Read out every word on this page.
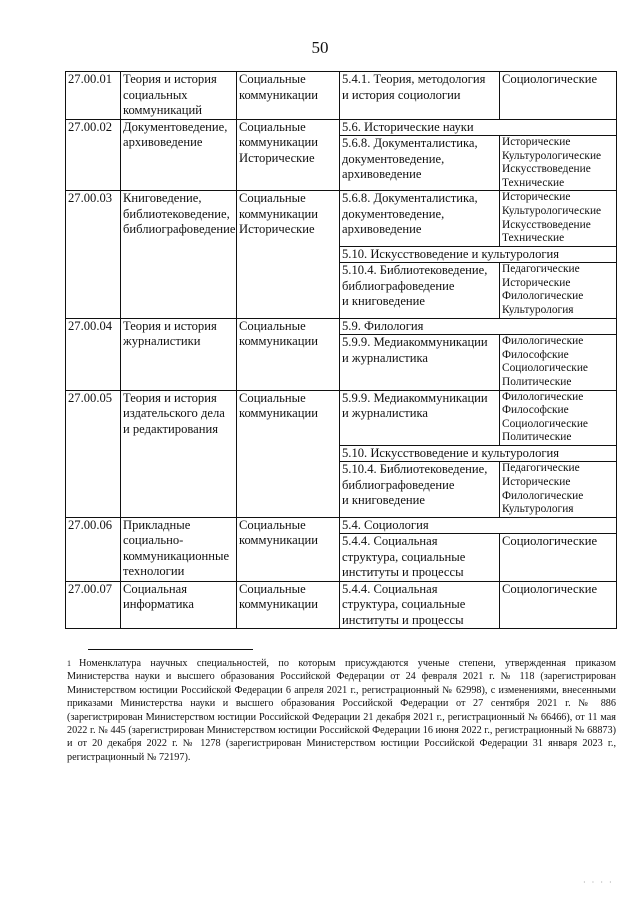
50
27.00.01	Теория и история
социальных
коммуникаций	Социальные
коммуникации	5.4.1. Теория, методология
и история социологии	Социологические

27.00.02	Документоведение,
архивоведение	Социальные
коммуникации
Исторические	5.6. Исторические науки	

			5.6.8. Документалистика,
документоведение,
архивоведение	Исторические
Культурологические
Искусствоведение
Технические

27.00.03	Книговедение,
библиотековедение,
библиографоведение	Социальные
коммуникации
Исторические	5.6.8. Документалистика,
документоведение,
архивоведение	Исторические
Культурологические
Искусствоведение
Технические

			5.10. Искусствоведение и культурология	

			5.10.4. Библиотековедение,
библиографоведение
и книговедение	Педагогические
Исторические
Филологические
Культурология

27.00.04	Теория и история
журналистики	Социальные
коммуникации	5.9. Филология	

			5.9.9. Медиакоммуникации
и журналистика	Филологические
Философские
Социологические
Политические

27.00.05	Теория и история
издательского дела
и редактирования	Социальные
коммуникации	5.9.9. Медиакоммуникации
и журналистика	Филологические
Философские
Социологические
Политические

			5.10. Искусствоведение и культурология	

			5.10.4. Библиотековедение,
библиографоведение
и книговедение	Педагогические
Исторические
Филологические
Культурология

27.00.06	Прикладные
социально-
коммуникационные
технологии	Социальные
коммуникации	5.4. Социология	

			5.4.4. Социальная
структура, социальные
институты и процессы	Социологические

27.00.07	Социальная
информатика	Социальные
коммуникации	5.4.4. Социальная
структура, социальные
институты и процессы	Социологические
$^1$ Номенклатура научных специальностей, по которым присуждаются ученые степени, утвержденная приказом Министерства науки и высшего образования Российской Федерации от 24 февраля 2021 г. № 118 (зарегистрирован Министерством юстиции Российской Федерации 6 апреля 2021 г., регистрационный № 62998), с изменениями, внесенными приказами Министерства науки и высшего образования Российской Федерации от 27 сентября 2021 г. № 886 (зарегистрирован Министерством юстиции Российской Федерации 21 декабря 2021 г., регистрационный № 66466), от 11 мая 2022 г. № 445 (зарегистрирован Министерством юстиции Российской Федерации 16 июня 2022 г., регистрационный № 68873) и от 20 декабря 2022 г. № 1278 (зарегистрирован Министерством юстиции Российской Федерации 31 января 2023 г., регистрационный № 72197).
· · · ·
